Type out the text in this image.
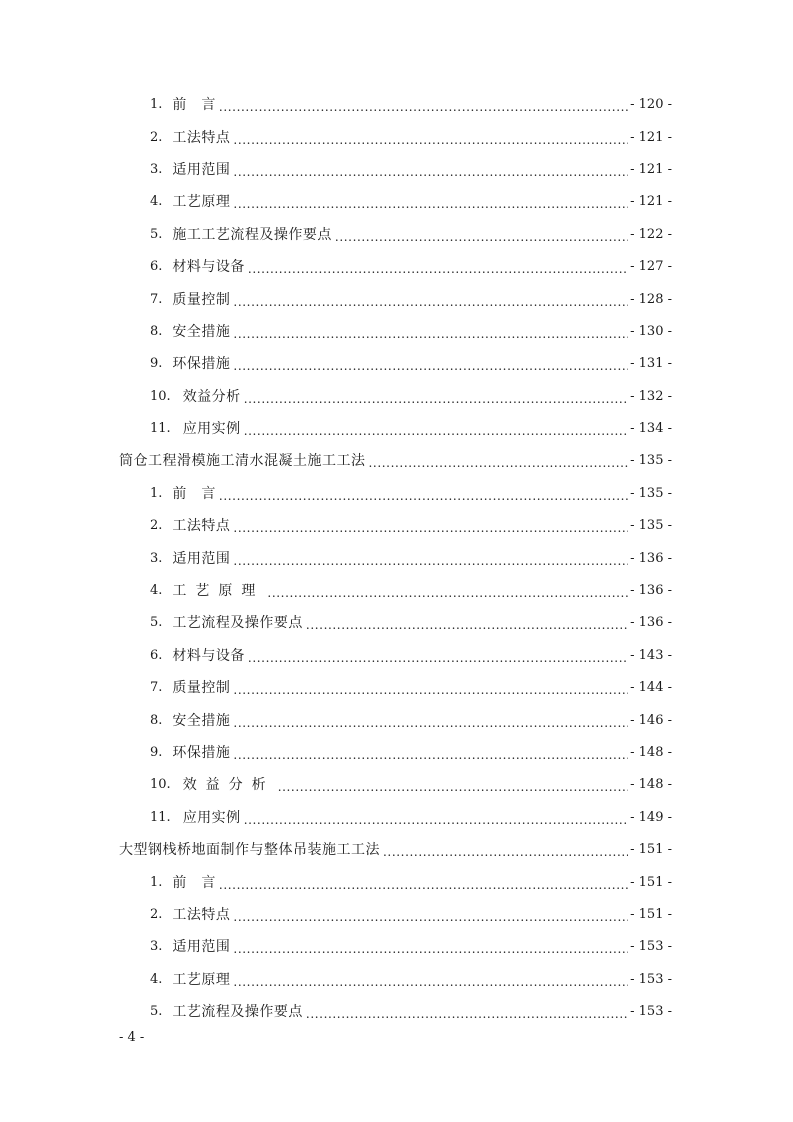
1. 前　言 .....	- 120 -
2. 工法特点 .....	- 121 -
3. 适用范围 .....	- 121 -
4. 工艺原理 .....	- 121 -
5. 施工工艺流程及操作要点 .....	- 122 -
6. 材料与设备 .....	- 127 -
7. 质量控制 .....	- 128 -
8. 安全措施 .....	- 130 -
9. 环保措施 .....	- 131 -
10. 效益分析 .....	- 132 -
11. 应用实例 .....	- 134 -
筒仓工程滑模施工清水混凝土施工工法 .....	- 135 -
1. 前　言 .....	- 135 -
2. 工法特点 .....	- 135 -
3. 适用范围 .....	- 136 -
4. 工艺原理 .....	- 136 -
5. 工艺流程及操作要点 .....	- 136 -
6. 材料与设备 .....	- 143 -
7. 质量控制 .....	- 144 -
8. 安全措施 .....	- 146 -
9. 环保措施 .....	- 148 -
10. 效益分析 .....	- 148 -
11. 应用实例 .....	- 149 -
大型钢栈桥地面制作与整体吊装施工工法 .....	- 151 -
1. 前　言 .....	- 151 -
2. 工法特点 .....	- 151 -
3. 适用范围 .....	- 153 -
4. 工艺原理 .....	- 153 -
5. 工艺流程及操作要点 .....	- 153 -
- 4 -
